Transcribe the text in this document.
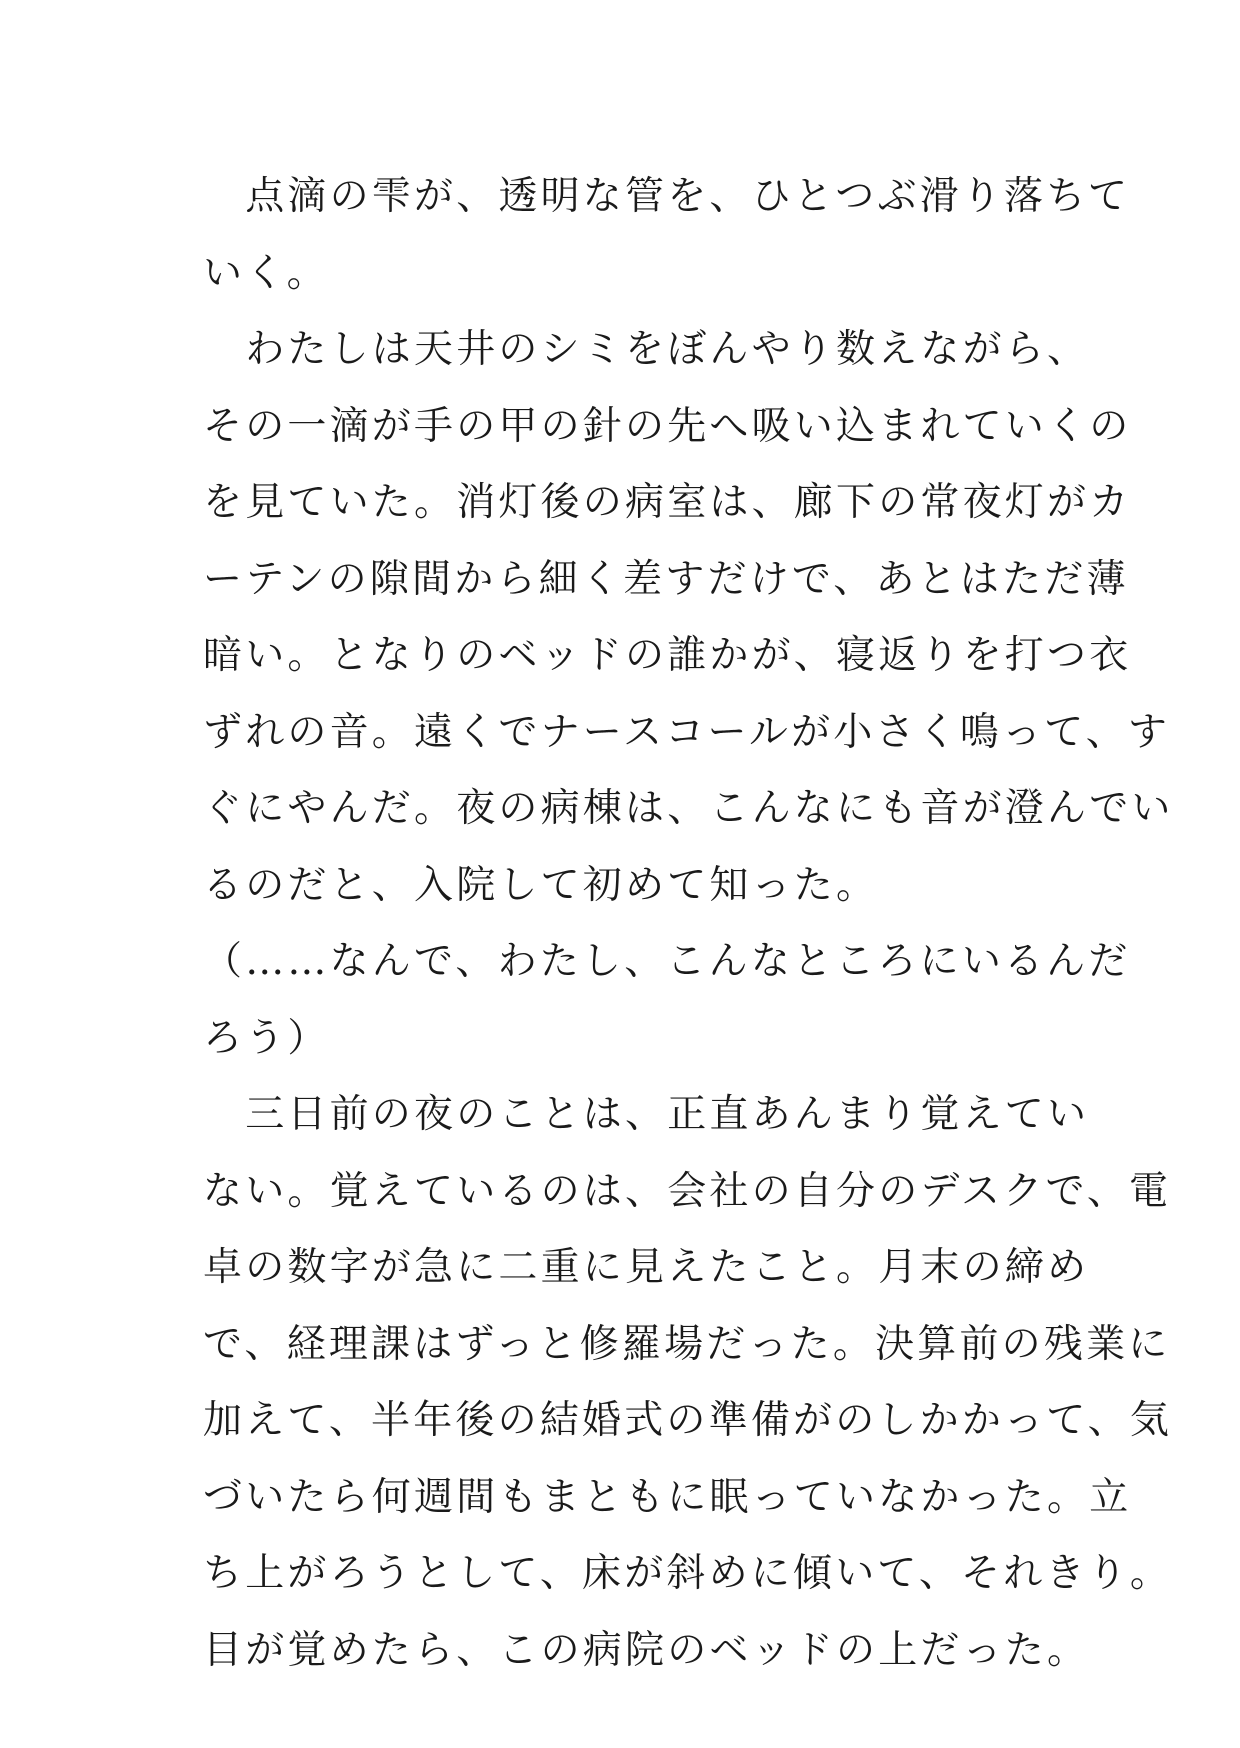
　点滴の雫が、透明な管を、ひとつぶ滑り落ちて
いく。
　わたしは天井のシミをぼんやり数えながら、
その一滴が手の甲の針の先へ吸い込まれていくの
を見ていた。消灯後の病室は、廊下の常夜灯がカ
ーテンの隙間から細く差すだけで、あとはただ薄
暗い。となりのベッドの誰かが、寝返りを打つ衣
ずれの音。遠くでナースコールが小さく鳴って、す
ぐにやんだ。夜の病棟は、こんなにも音が澄んでい
るのだと、入院して初めて知った。
（……なんで、わたし、こんなところにいるんだ
ろう）
　三日前の夜のことは、正直あんまり覚えてい
ない。覚えているのは、会社の自分のデスクで、電
卓の数字が急に二重に見えたこと。月末の締め
で、経理課はずっと修羅場だった。決算前の残業に
加えて、半年後の結婚式の準備がのしかかって、気
づいたら何週間もまともに眠っていなかった。立
ち上がろうとして、床が斜めに傾いて、それきり。
目が覚めたら、この病院のベッドの上だった。
